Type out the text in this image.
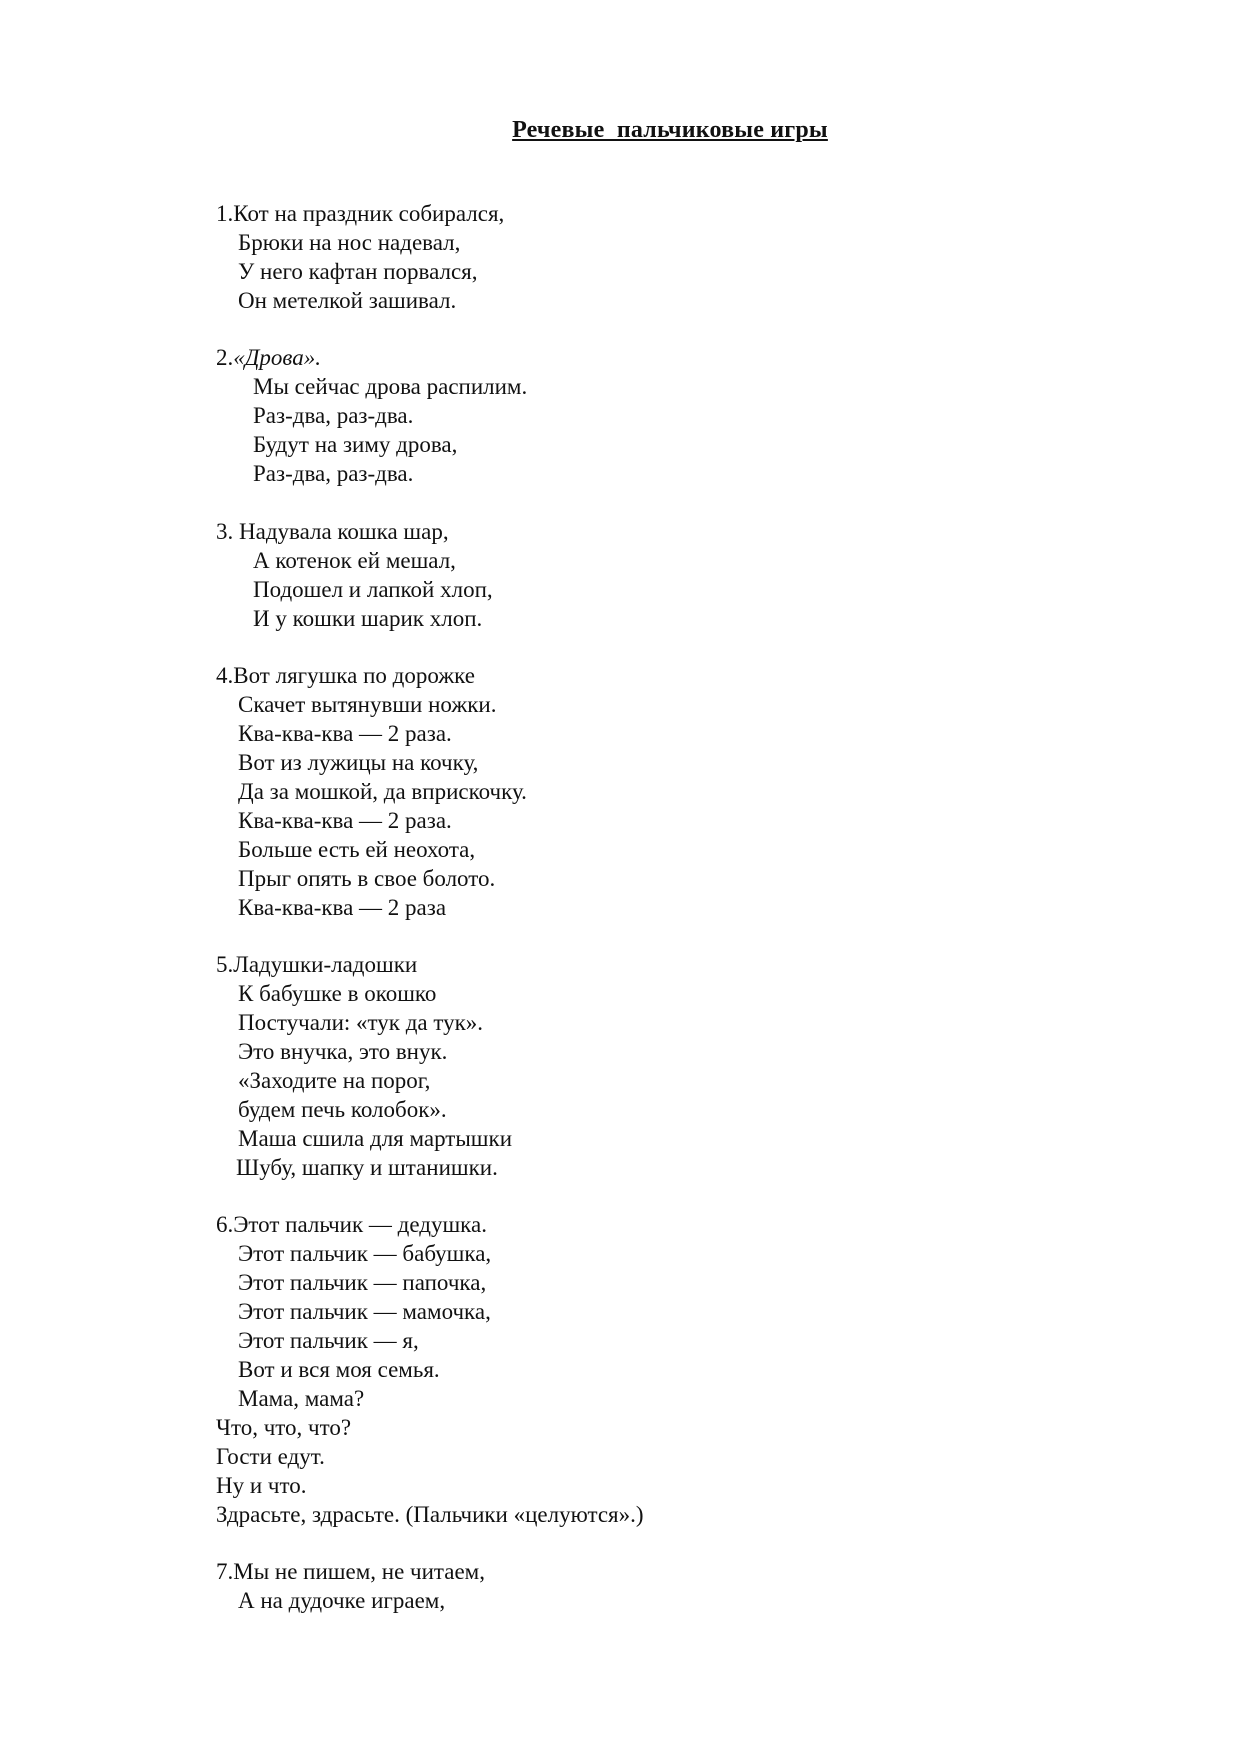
Речевые  пальчиковые игры
1.Кот на праздник собирался,
Брюки на нос надевал,
У него кафтан порвался,
Он метелкой зашивал.
2.«Дрова».
Мы сейчас дрова распилим.
Раз-два, раз-два.
Будут на зиму дрова,
Раз-два, раз-два.
3. Надувала кошка шар,
А котенок ей мешал,
Подошел и лапкой хлоп,
И у кошки шарик хлоп.
4.Вот лягушка по дорожке
Скачет вытянувши ножки.
Ква-ква-ква — 2 раза.
Вот из лужицы на кочку,
Да за мошкой, да вприскочку.
Ква-ква-ква — 2 раза.
Больше есть ей неохота,
Прыг опять в свое болото.
Ква-ква-ква — 2 раза
5.Ладушки-ладошки
К бабушке в окошко
Постучали: «тук да тук».
Это внучка, это внук.
«Заходите на порог,
будем печь колобок».
Маша сшила для мартышки
Шубу, шапку и штанишки.
6.Этот пальчик — дедушка.
Этот пальчик — бабушка,
Этот пальчик — папочка,
Этот пальчик — мамочка,
Этот пальчик — я,
Вот и вся моя семья.
Мама, мама?
Что, что, что?
Гости едут.
Ну и что.
Здрасьте, здрасьте. (Пальчики «целуются».)
7.Мы не пишем, не читаем,
А на дудочке играем,
